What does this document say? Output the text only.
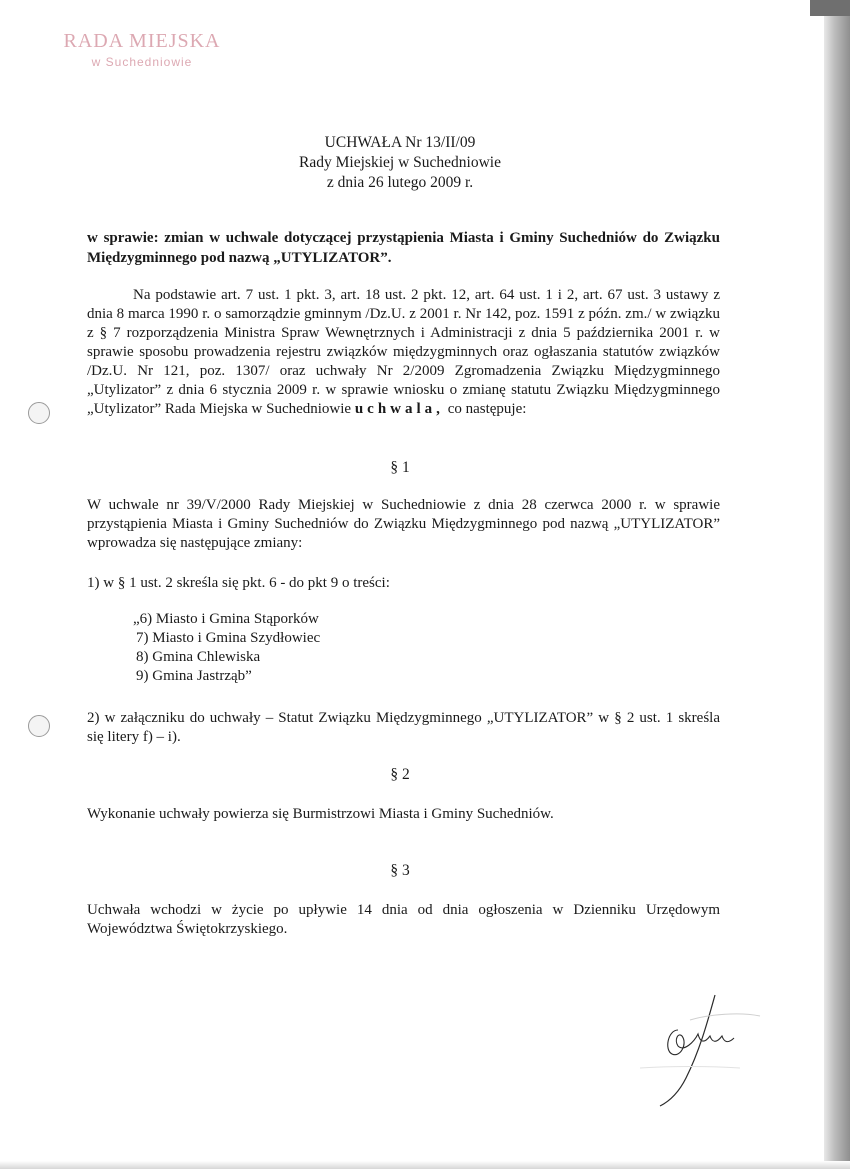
RADA MIEJSKA
w Suchedniowie
UCHWAŁA Nr 13/II/09
Rady Miejskiej w Suchedniowie
z dnia 26 lutego 2009 r.
w sprawie: zmian w uchwale dotyczącej przystąpienia Miasta i Gminy Suchedniów do Związku Międzygminnego pod nazwą „UTYLIZATOR”.
Na podstawie art. 7 ust. 1 pkt. 3, art. 18 ust. 2 pkt. 12, art. 64 ust. 1 i 2, art. 67 ust. 3 ustawy z dnia 8 marca 1990 r. o samorządzie gminnym /Dz.U. z 2001 r. Nr 142, poz. 1591 z późn. zm./ w związku z § 7 rozporządzenia Ministra Spraw Wewnętrznych i Administracji z dnia 5 października 2001 r. w sprawie sposobu prowadzenia rejestru związków międzygminnych oraz ogłaszania statutów związków /Dz.U. Nr 121, poz. 1307/ oraz uchwały Nr 2/2009 Zgromadzenia Związku Międzygminnego „Utylizator” z dnia 6 stycznia 2009 r. w sprawie wniosku o zmianę statutu Związku Międzygminnego „Utylizator” Rada Miejska w Suchedniowie uchwala, co następuje:
§ 1
W uchwale nr 39/V/2000 Rady Miejskiej w Suchedniowie z dnia 28 czerwca 2000 r. w sprawie przystąpienia Miasta i Gminy Suchedniów do Związku Międzygminnego pod nazwą „UTYLIZATOR” wprowadza się następujące zmiany:
1) w § 1 ust. 2 skreśla się pkt. 6 - do pkt 9 o treści:
„6) Miasto i Gmina Stąporków
7) Miasto i Gmina Szydłowiec
8) Gmina Chlewiska
9) Gmina Jastrząb”
2) w załączniku do uchwały – Statut Związku Międzygminnego „UTYLIZATOR” w § 2 ust. 1 skreśla się litery f) – i).
§ 2
Wykonanie uchwały powierza się Burmistrzowi Miasta i Gminy Suchedniów.
§ 3
Uchwała wchodzi w życie po upływie 14 dnia od dnia ogłoszenia w Dzienniku Urzędowym Województwa Świętokrzyskiego.
